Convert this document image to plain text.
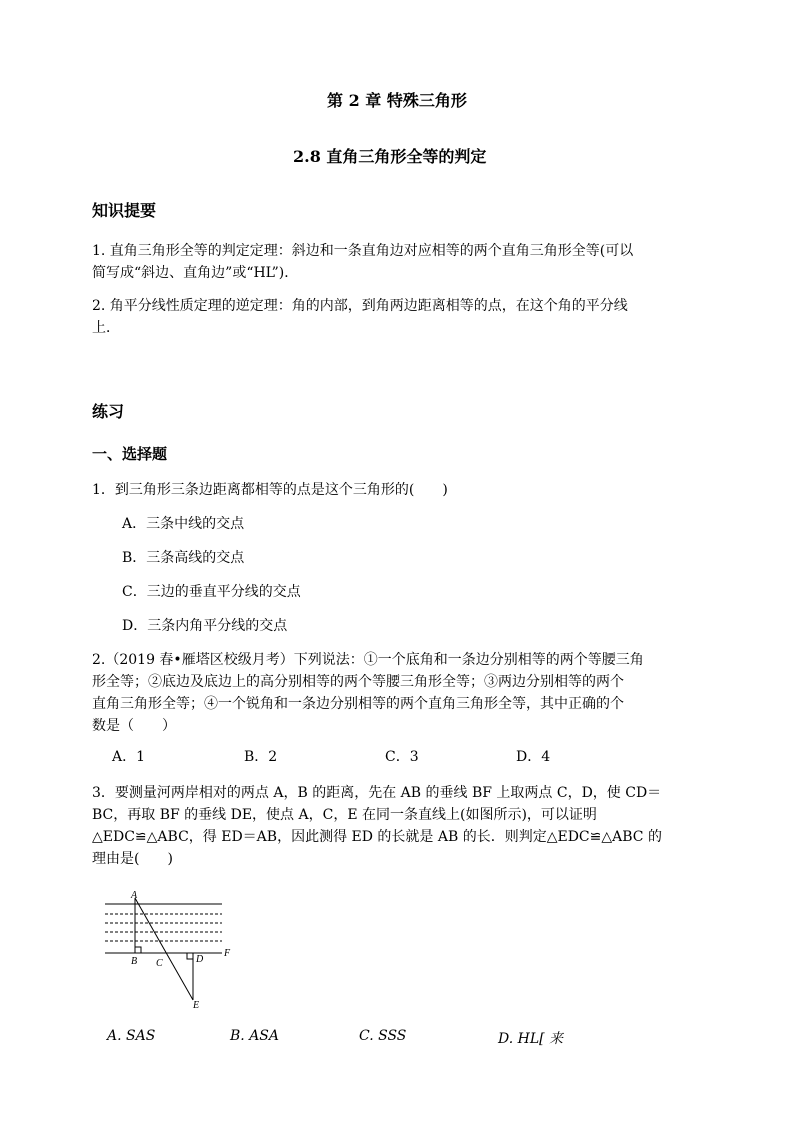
第 2 章 特殊三角形
2.8 直角三角形全等的判定
知识提要
1. 直角三角形全等的判定定理：斜边和一条直角边对应相等的两个直角三角形全等(可以
简写成“斜边、直角边”或“HL”)．
2. 角平分线性质定理的逆定理：角的内部，到角两边距离相等的点，在这个角的平分线
上．
练习
一、选择题
1．到三角形三条边距离都相等的点是这个三角形的(　　)
A．三条中线的交点
B．三条高线的交点
C．三边的垂直平分线的交点
D．三条内角平分线的交点
2.（2019 春•雁塔区校级月考）下列说法：①一个底角和一条边分别相等的两个等腰三角
形全等；②底边及底边上的高分别相等的两个等腰三角形全等；③两边分别相等的两个
直角三角形全等；④一个锐角和一条边分别相等的两个直角三角形全等，其中正确的个
数是（　　）
A．1	B．2	C．3	D．4
3．要测量河两岸相对的两点 A，B 的距离，先在 AB 的垂线 BF 上取两点 C，D，使 CD＝
BC，再取 BF 的垂线 DE，使点 A，C，E 在同一条直线上(如图所示)，可以证明
△EDC≌△ABC，得 ED＝AB，因此测得 ED 的长就是 AB 的长．则判定△EDC≌△ABC 的
理由是(　　)
A
B C	D
E
F
A. SAS	B. ASA	C. SSS	D. HL[ 来
